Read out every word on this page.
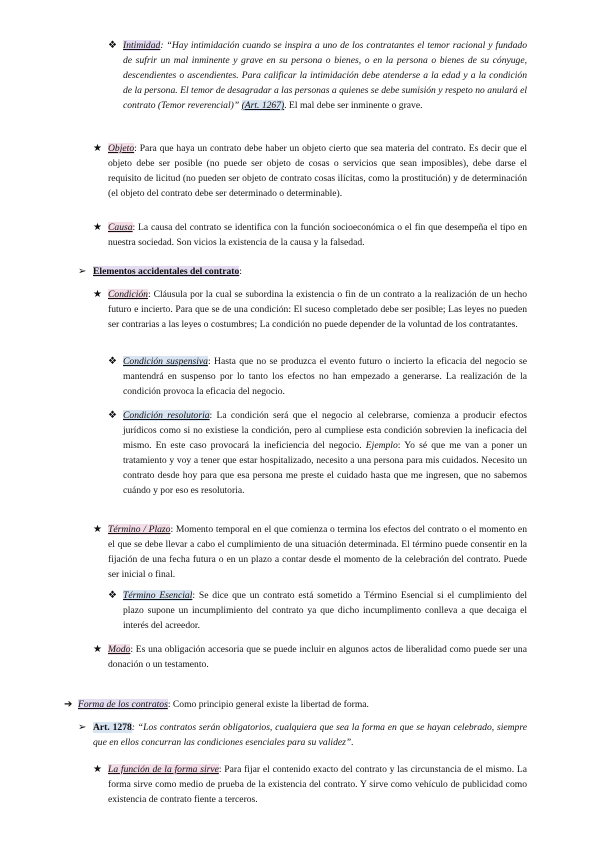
❖ Intimidad: “Hay intimidación cuando se inspira a uno de los contratantes el temor racional y fundado de sufrir un mal inminente y grave en su persona o bienes, o en la persona o bienes de su cónyuge, descendientes o ascendientes. Para calificar la intimidación debe atenderse a la edad y a la condición de la persona. El temor de desagradar a las personas a quienes se debe sumisión y respeto no anulará el contrato (Temor reverencial)” (Art. 1267). El mal debe ser inminente o grave.
★ Objeto: Para que haya un contrato debe haber un objeto cierto que sea materia del contrato. Es decir que el objeto debe ser posible (no puede ser objeto de cosas o servicios que sean imposibles), debe darse el requisito de licitud (no pueden ser objeto de contrato cosas ilícitas, como la prostitución) y de determinación (el objeto del contrato debe ser determinado o determinable).
★ Causa: La causa del contrato se identifica con la función socioeconómica o el fin que desempeña el tipo en nuestra sociedad. Son vicios la existencia de la causa y la falsedad.
➢ Elementos accidentales del contrato:
★ Condición: Cláusula por la cual se subordina la existencia o fin de un contrato a la realización de un hecho futuro e incierto. Para que se de una condición: El suceso completado debe ser posible; Las leyes no pueden ser contrarias a las leyes o costumbres; La condición no puede depender de la voluntad de los contratantes.
❖ Condición suspensiva: Hasta que no se produzca el evento futuro o incierto la eficacia del negocio se mantendrá en suspenso por lo tanto los efectos no han empezado a generarse. La realización de la condición provoca la eficacia del negocio.
❖ Condición resolutoria: La condición será que el negocio al celebrarse, comienza a producir efectos jurídicos como si no existiese la condición, pero al cumpliese esta condición sobrevien la ineficacia del mismo. En este caso provocará la ineficiencia del negocio. Ejemplo: Yo sé que me van a poner un tratamiento y voy a tener que estar hospitalizado, necesito a una persona para mis cuidados. Necesito un contrato desde hoy para que esa persona me preste el cuidado hasta que me ingresen, que no sabemos cuándo y por eso es resolutoria.
★ Término / Plazo: Momento temporal en el que comienza o termina los efectos del contrato o el momento en el que se debe llevar a cabo el cumplimiento de una situación determinada. El término puede consentir en la fijación de una fecha futura o en un plazo a contar desde el momento de la celebración del contrato. Puede ser inicial o final.
❖ Término Esencial: Se dice que un contrato está sometido a Término Esencial si el cumplimiento del plazo supone un incumplimiento del contrato ya que dicho incumplimento conlleva a que decaiga el interés del acreedor.
★ Modo: Es una obligación accesoria que se puede incluir en algunos actos de liberalidad como puede ser una donación o un testamento.
➔ Forma de los contratos: Como principio general existe la libertad de forma.
➢ Art. 1278: “Los contratos serán obligatorios, cualquiera que sea la forma en que se hayan celebrado, siempre que en ellos concurran las condiciones esenciales para su validez”.
★ La función de la forma sirve: Para fijar el contenido exacto del contrato y las circunstancia de el mismo. La forma sirve como medio de prueba de la existencia del contrato. Y sirve como vehículo de publicidad como existencia de contrato fiente a terceros.
